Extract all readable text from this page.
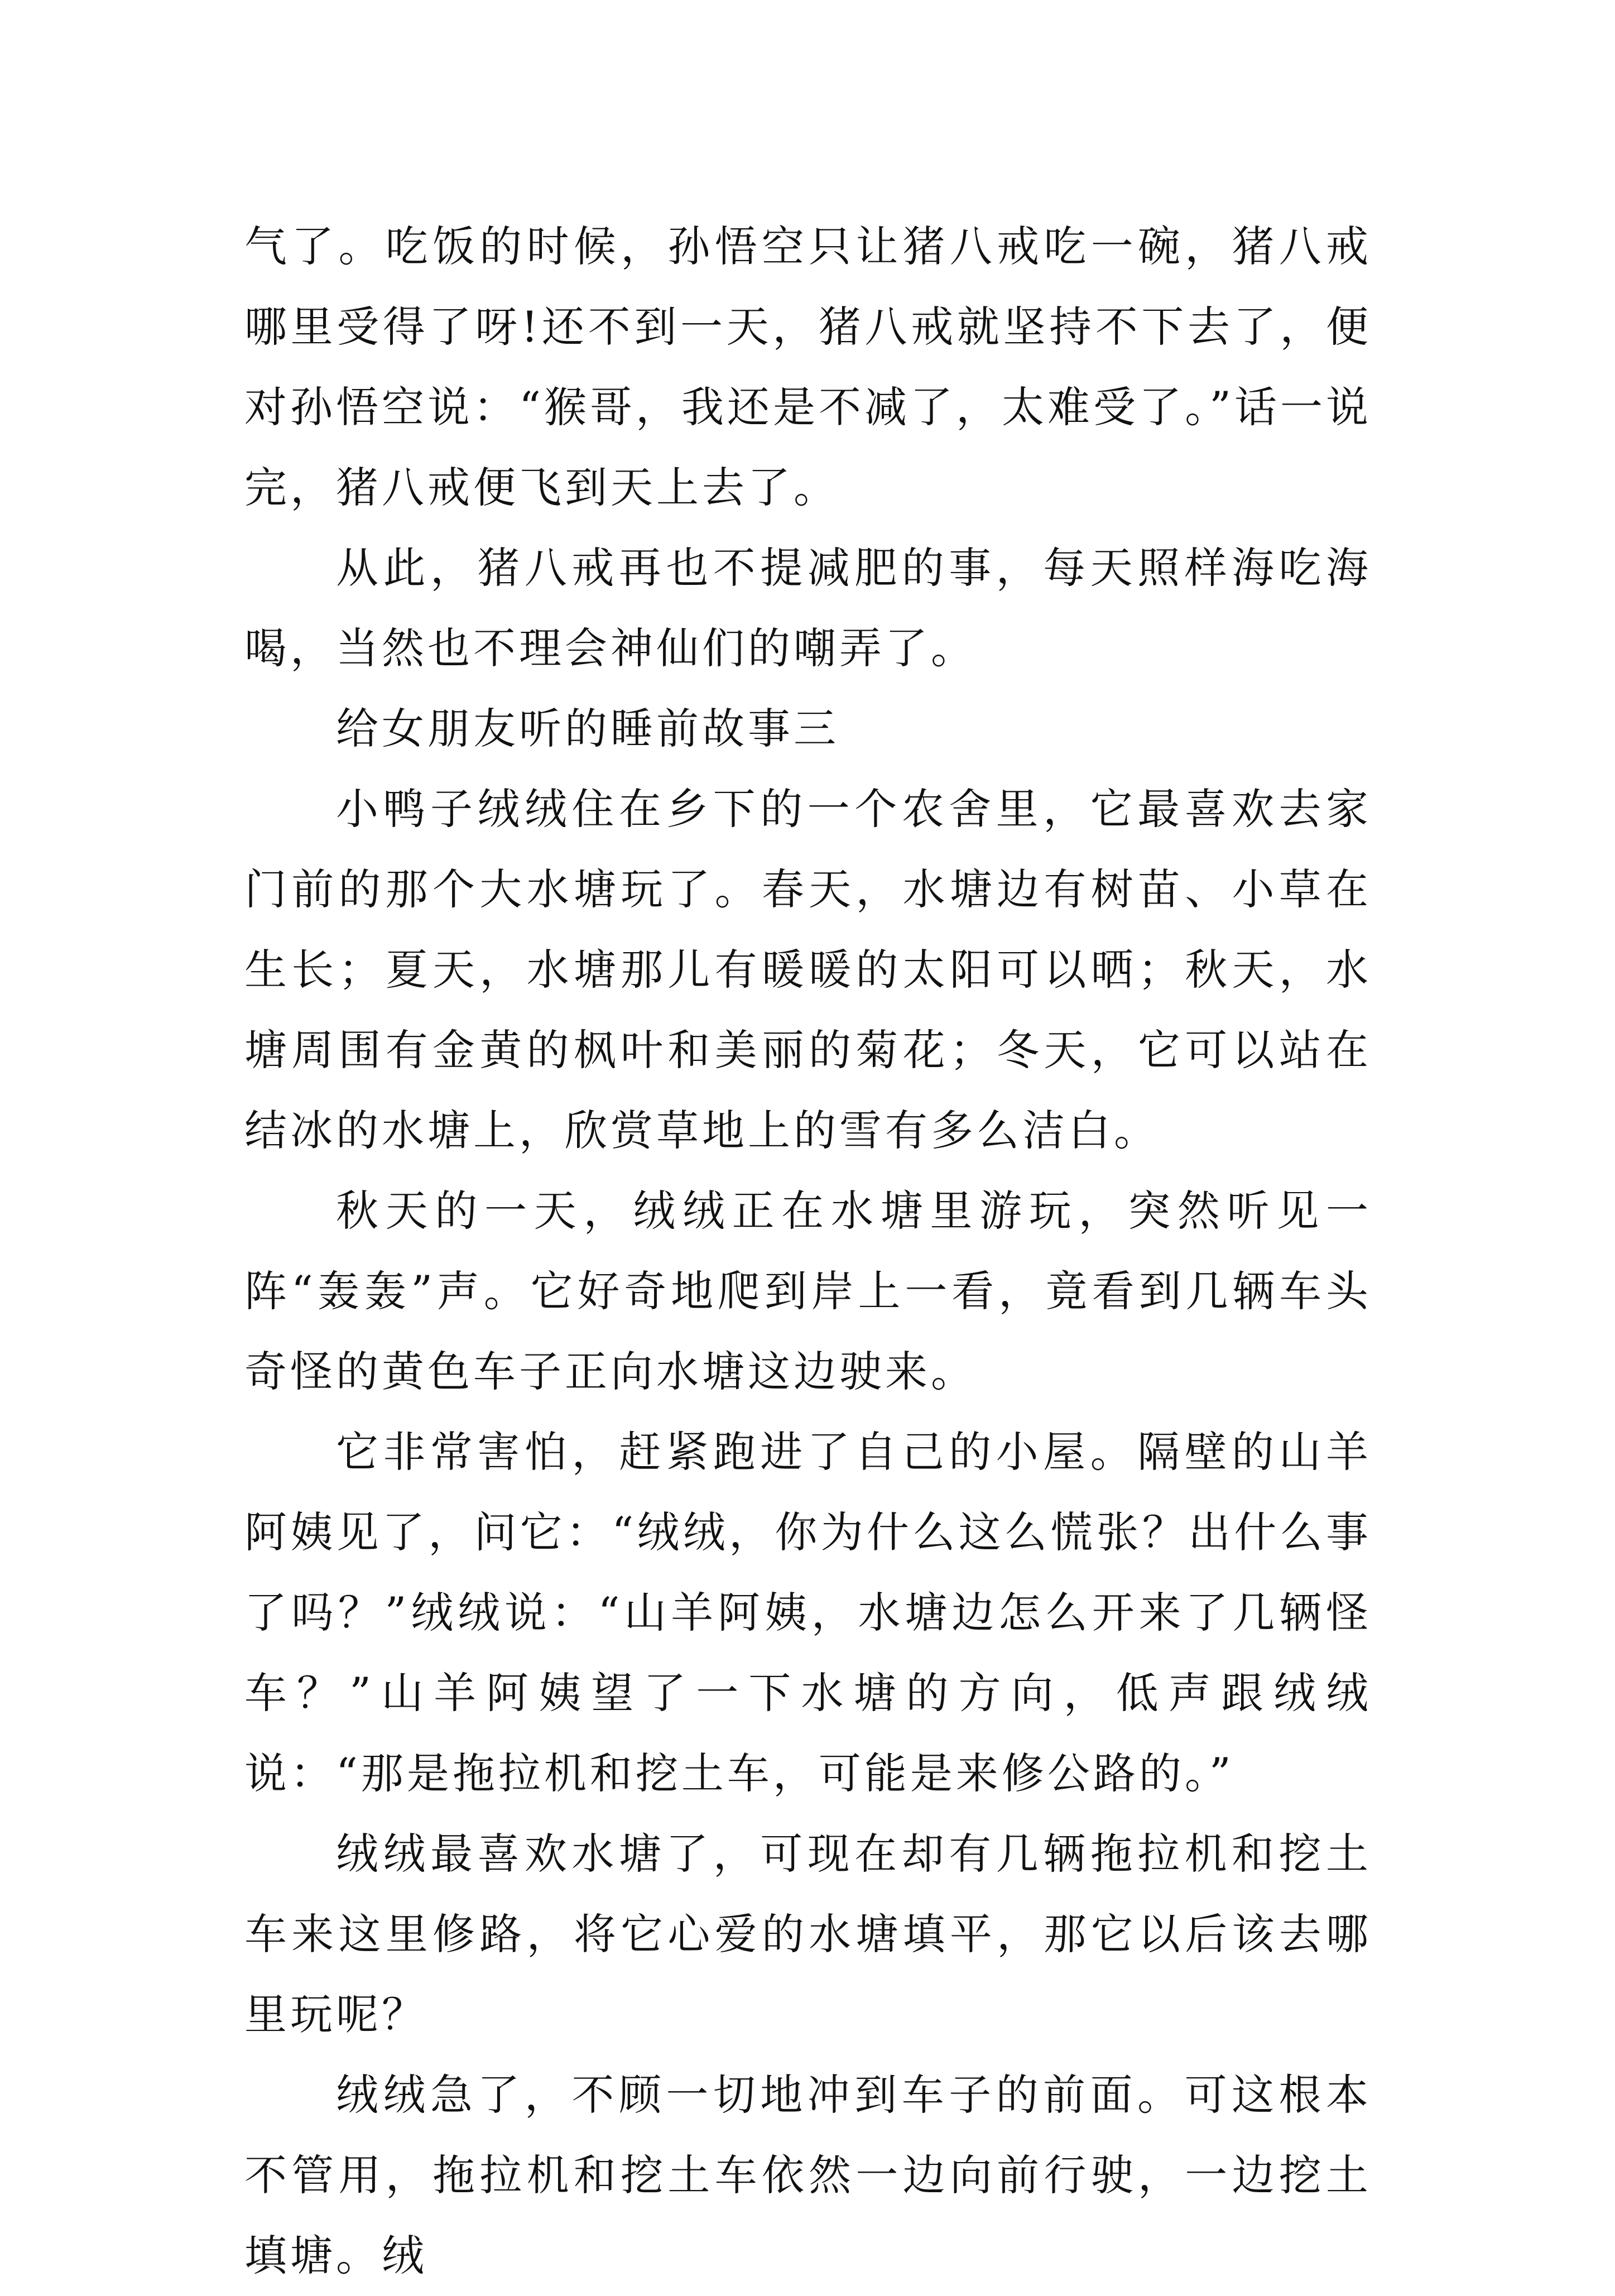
气了。吃饭的时候，孙悟空只让猪八戒吃一碗，猪八戒哪里受得了呀!还不到一天，猪八戒就坚持不下去了，便对孙悟空说：“猴哥，我还是不减了，太难受了。”话一说完，猪八戒便飞到天上去了。

从此，猪八戒再也不提减肥的事，每天照样海吃海喝，当然也不理会神仙们的嘲弄了。

给女朋友听的睡前故事三

小鸭子绒绒住在乡下的一个农舍里，它最喜欢去家门前的那个大水塘玩了。春天，水塘边有树苗、小草在生长；夏天，水塘那儿有暖暖的太阳可以晒；秋天，水塘周围有金黄的枫叶和美丽的菊花；冬天，它可以站在结冰的水塘上，欣赏草地上的雪有多么洁白。

秋天的一天，绒绒正在水塘里游玩，突然听见一阵“轰轰”声。它好奇地爬到岸上一看，竟看到几辆车头奇怪的黄色车子正向水塘这边驶来。

它非常害怕，赶紧跑进了自己的小屋。隔壁的山羊阿姨见了，问它：“绒绒，你为什么这么慌张？出什么事了吗？”绒绒说：“山羊阿姨，水塘边怎么开来了几辆怪车？”山羊阿姨望了一下水塘的方向，低声跟绒绒说：“那是拖拉机和挖土车，可能是来修公路的。”

绒绒最喜欢水塘了，可现在却有几辆拖拉机和挖土车来这里修路，将它心爱的水塘填平，那它以后该去哪里玩呢？

绒绒急了，不顾一切地冲到车子的前面。可这根本不管用，拖拉机和挖土车依然一边向前行驶，一边挖土填塘。绒
